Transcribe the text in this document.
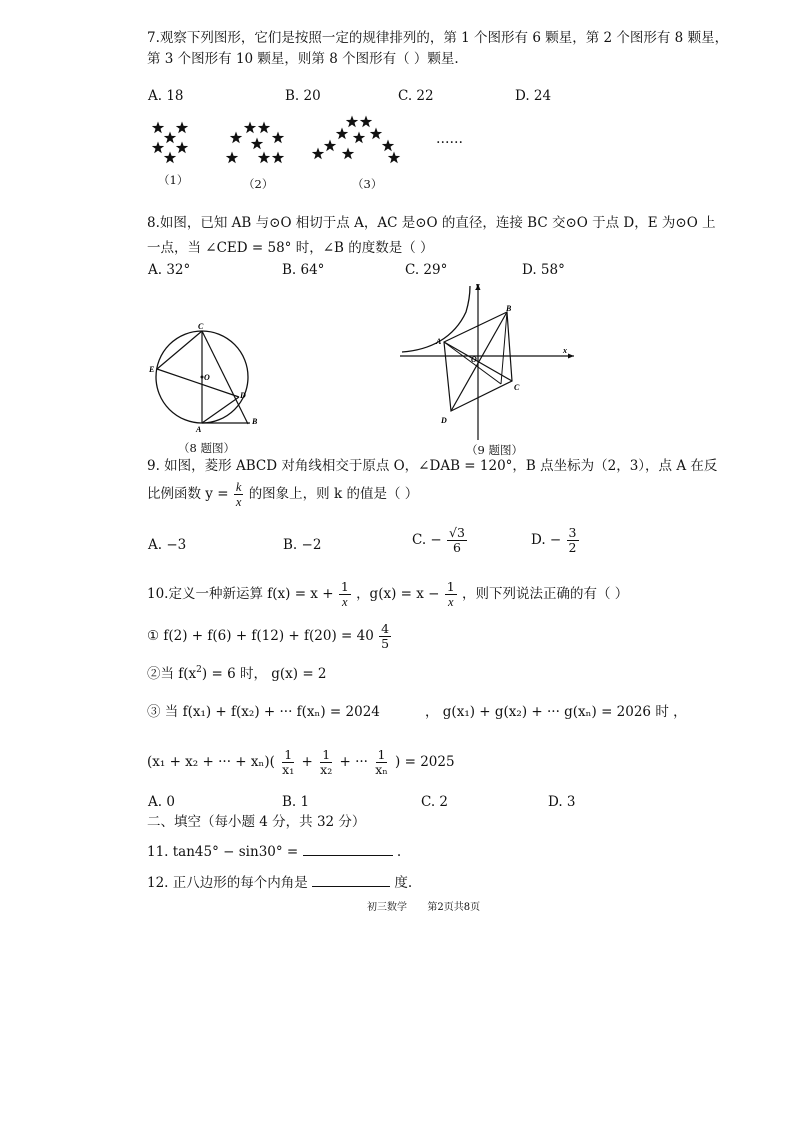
7.观察下列图形，它们是按照一定的规律排列的，第 1 个图形有 6 颗星，第 2 个图形有 8 颗星，
第 3 个图形有 10 颗星，则第 8 个图形有（ ）颗星.
A. 18	B. 20	C. 22	D. 24
……
（1）	（2）	（3）
8.如图，已知 AB 与⊙O 相切于点 A，AC 是⊙O 的直径，连接 BC 交⊙O 于点 D，E 为⊙O 上
一点，当 ∠CED = 58° 时，∠B 的度数是（ ）
A. 32°	B. 64°	C. 29°	D. 58°
C
E
O
D
A
B
（8 题图）
y
B
A
O
x
C
D
（9 题图）
9. 如图，菱形 ABCD 对角线相交于原点 O，∠DAB = 120°，B 点坐标为（2，3），点 A 在反
比例函数 $y = \frac{k}{x}$ 的图象上，则 k 的值是（ ）
A. −3	B. −2	C. − $\frac{√3}{6}$	D. − $\frac{3}{2}$
10.定义一种新运算 $f(x) = x + \frac{1}{x}$ ，$g(x) = x - \frac{1}{x}$ ，则下列说法正确的有（ ）
① $f(2) + f(6) + f(12) + f(20) = 40 \frac{4}{5}$
②当 $f(x^2) = 6$ 时， g(x) = 2
③ 当 f(x₁) + f(x₂) + ··· f(xₙ) = 2024	， g(x₁) + g(x₂) + ··· g(xₙ) = 2026 时 ，
(x₁ + x₂ + ··· + $x_n)( \frac{1}{\text{x₁}} + \frac{1}{\text{x₂}}$ + ··· $\frac{1}{\text{xₙ}}$ ) = 2025
A. 0	B. 1	C. 2	D. 3
二、填空（每小题 4 分，共 32 分）
11. tan45° − sin30° =	.
12. 正八边形的每个内角是	度.
初三数学 第2页共8页
